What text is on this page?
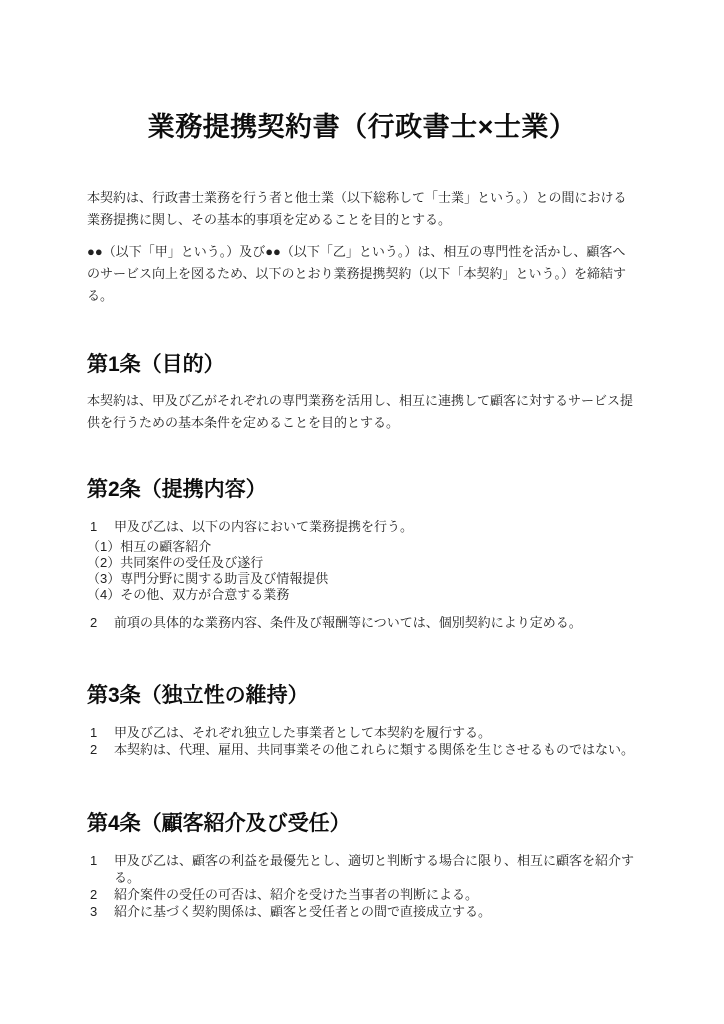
業務提携契約書（行政書士×士業）

本契約は、行政書士業務を行う者と他士業（以下総称して「士業」という。）との間における業務提携に関し、その基本的事項を定めることを目的とする。

●●（以下「甲」という。）及び●●（以下「乙」という。）は、相互の専門性を活かし、顧客へのサービス向上を図るため、以下のとおり業務提携契約（以下「本契約」という。）を締結する。

第1条（目的）

本契約は、甲及び乙がそれぞれの専門業務を活用し、相互に連携して顧客に対するサービス提供を行うための基本条件を定めることを目的とする。

第2条（提携内容）
1	甲及び乙は、以下の内容において業務提携を行う。
（1）相互の顧客紹介
（2）共同案件の受任及び遂行
（3）専門分野に関する助言及び情報提供
（4）その他、双方が合意する業務
2	前項の具体的な業務内容、条件及び報酬等については、個別契約により定める。
第3条（独立性の維持）
1	甲及び乙は、それぞれ独立した事業者として本契約を履行する。
2	本契約は、代理、雇用、共同事業その他これらに類する関係を生じさせるものではない。
第4条（顧客紹介及び受任）
1	甲及び乙は、顧客の利益を最優先とし、適切と判断する場合に限り、相互に顧客を紹介する。
2	紹介案件の受任の可否は、紹介を受けた当事者の判断による。
3	紹介に基づく契約関係は、顧客と受任者との間で直接成立する。
